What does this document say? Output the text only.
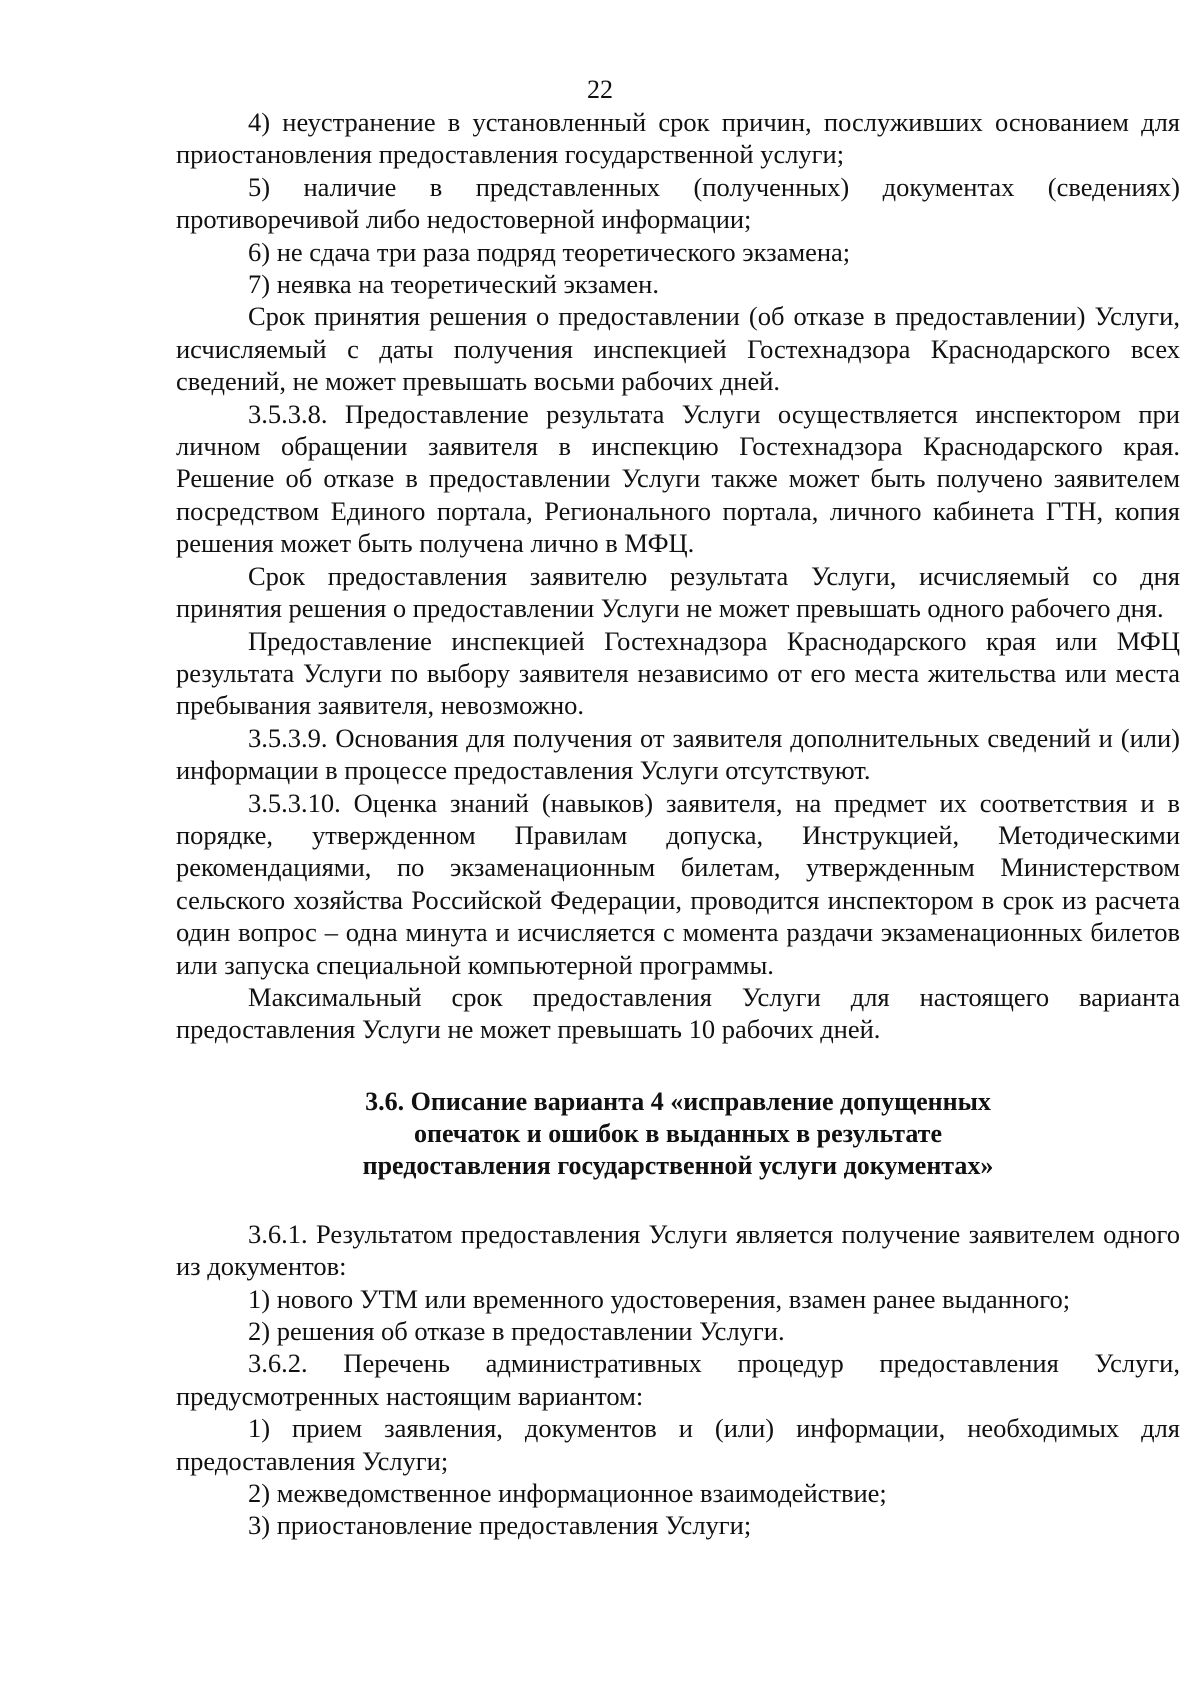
22

4) неустранение в установленный срок причин, послуживших основанием для приостановления предоставления государственной услуги;

5) наличие в представленных (полученных) документах (сведениях) противоречивой либо недостоверной информации;

6) не сдача три раза подряд теоретического экзамена;

7) неявка на теоретический экзамен.

Срок принятия решения о предоставлении (об отказе в предоставлении) Услуги, исчисляемый с даты получения инспекцией Гостехнадзора Краснодарского всех сведений, не может превышать восьми рабочих дней.

3.5.3.8. Предоставление результата Услуги осуществляется инспектором при личном обращении заявителя в инспекцию Гостехнадзора Краснодарского края. Решение об отказе в предоставлении Услуги также может быть получено заявителем посредством Единого портала, Регионального портала, личного кабинета ГТН, копия решения может быть получена лично в МФЦ.

Срок предоставления заявителю результата Услуги, исчисляемый со дня принятия решения о предоставлении Услуги не может превышать одного рабочего дня.

Предоставление инспекцией Гостехнадзора Краснодарского края или МФЦ результата Услуги по выбору заявителя независимо от его места жительства или места пребывания заявителя, невозможно.

3.5.3.9. Основания для получения от заявителя дополнительных сведений и (или) информации в процессе предоставления Услуги отсутствуют.

3.5.3.10. Оценка знаний (навыков) заявителя, на предмет их соответствия и в порядке, утвержденном Правилам допуска, Инструкцией, Методическими рекомендациями, по экзаменационным билетам, утвержденным Министерством сельского хозяйства Российской Федерации, проводится инспектором в срок из расчета один вопрос – одна минута и исчисляется с момента раздачи экзаменационных билетов или запуска специальной компьютерной программы.

Максимальный срок предоставления Услуги для настоящего варианта предоставления Услуги не может превышать 10 рабочих дней.

3.6. Описание варианта 4 «исправление допущенных
опечаток и ошибок в выданных в результате
предоставления государственной услуги документах»

3.6.1. Результатом предоставления Услуги является получение заявителем одного из документов:

1) нового УТМ или временного удостоверения, взамен ранее выданного;

2) решения об отказе в предоставлении Услуги.

3.6.2. Перечень административных процедур предоставления Услуги, предусмотренных настоящим вариантом:

1) прием заявления, документов и (или) информации, необходимых для предоставления Услуги;

2) межведомственное информационное взаимодействие;

3) приостановление предоставления Услуги;
